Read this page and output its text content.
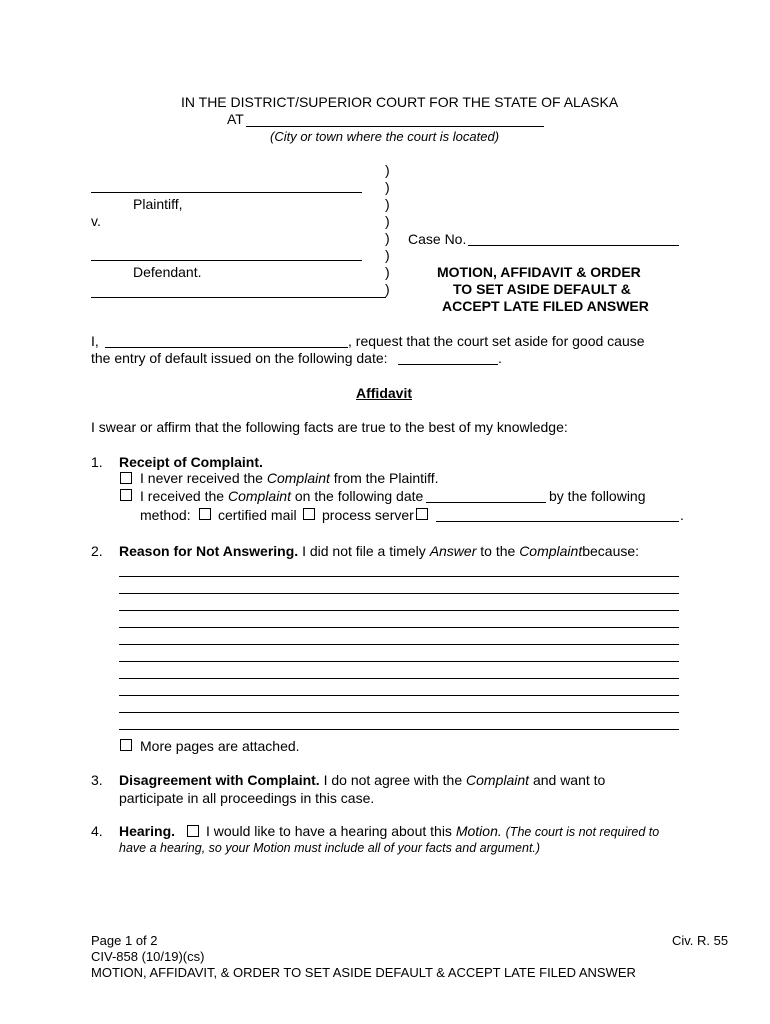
IN THE DISTRICT/SUPERIOR COURT FOR THE STATE OF ALASKA
AT
(City or town where the court is located)
)
)
)
)
)
)
)
)
Plaintiff,
v.
Defendant.
Case No.
MOTION, AFFIDAVIT & ORDER
TO SET ASIDE DEFAULT &
ACCEPT LATE FILED ANSWER
I,	, request that the court set aside for good cause
the entry of default issued on the following date:	.
Affidavit
I swear or affirm that the following facts are true to the best of my knowledge:
1. Receipt of Complaint.
I never received the Complaint from the Plaintiff.
I received the Complaint on the following date	by the following
method: certified mail process server	.
2. Reason for Not Answering. I did not file a timely Answer to the Complaintbecause:
More pages are attached.
3. Disagreement with Complaint. I do not agree with the Complaint and want to
participate in all proceedings in this case.
4. Hearing. I would like to have a hearing about this Motion. (The court is not required to
have a hearing, so your Motion must include all of your facts and argument.)
Page 1 of 2
CIV-858 (10/19)(cs)
MOTION, AFFIDAVIT, & ORDER TO SET ASIDE DEFAULT & ACCEPT LATE FILED ANSWER
Civ. R. 55
